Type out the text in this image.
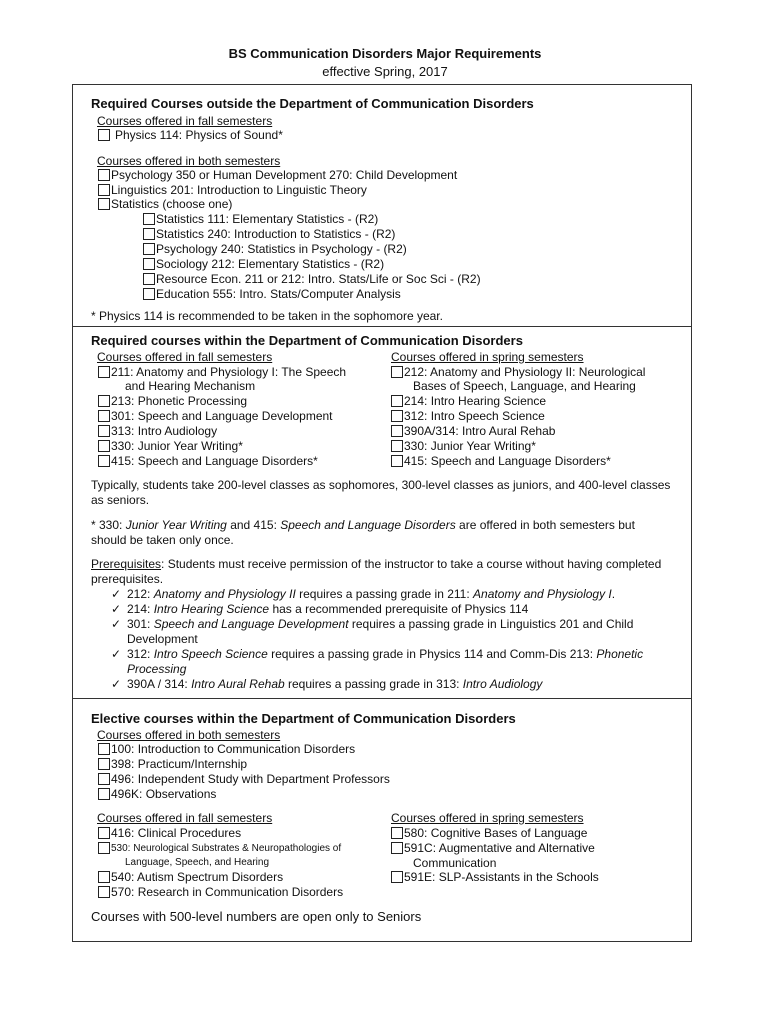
BS Communication Disorders Major Requirements
effective Spring, 2017
Required Courses outside the Department of Communication Disorders
Courses offered in fall semesters
Physics 114: Physics of Sound*
Courses offered in both semesters
Psychology 350 or Human Development 270: Child Development
Linguistics 201: Introduction to Linguistic Theory
Statistics (choose one)
Statistics 111: Elementary Statistics - (R2)
Statistics 240: Introduction to Statistics - (R2)
Psychology 240: Statistics in Psychology - (R2)
Sociology 212: Elementary Statistics - (R2)
Resource Econ. 211 or 212: Intro. Stats/Life or Soc Sci - (R2)
Education 555: Intro. Stats/Computer Analysis
* Physics 114 is recommended to be taken in the sophomore year.
Required courses within the Department of Communication Disorders
Courses offered in fall semesters	Courses offered in spring semesters
211: Anatomy and Physiology I: The Speech
and Hearing Mechanism
213: Phonetic Processing
301: Speech and Language Development
313: Intro Audiology
330: Junior Year Writing*
415: Speech and Language Disorders*
212: Anatomy and Physiology II: Neurological
Bases of Speech, Language, and Hearing
214: Intro Hearing Science
312: Intro Speech Science
390A/314: Intro Aural Rehab
330: Junior Year Writing*
415: Speech and Language Disorders*
Typically, students take 200-level classes as sophomores, 300-level classes as juniors, and 400-level classes as seniors.
* 330: Junior Year Writing and 415: Speech and Language Disorders are offered in both semesters but should be taken only once.
Prerequisites: Students must receive permission of the instructor to take a course without having completed prerequisites.
✓ 212: Anatomy and Physiology II requires a passing grade in 211: Anatomy and Physiology I.
✓ 214: Intro Hearing Science has a recommended prerequisite of Physics 114
✓ 301: Speech and Language Development requires a passing grade in Linguistics 201 and Child Development
✓ 312: Intro Speech Science requires a passing grade in Physics 114 and Comm-Dis 213: Phonetic Processing
✓ 390A / 314: Intro Aural Rehab requires a passing grade in 313: Intro Audiology
Elective courses within the Department of Communication Disorders
Courses offered in both semesters
100: Introduction to Communication Disorders
398: Practicum/Internship
496: Independent Study with Department Professors
496K: Observations
Courses offered in fall semesters	Courses offered in spring semesters
416: Clinical Procedures
530: Neurological Substrates & Neuropathologies of
Language, Speech, and Hearing
540: Autism Spectrum Disorders
570: Research in Communication Disorders
580: Cognitive Bases of Language
591C: Augmentative and Alternative
Communication
591E: SLP-Assistants in the Schools
Courses with 500-level numbers are open only to Seniors
